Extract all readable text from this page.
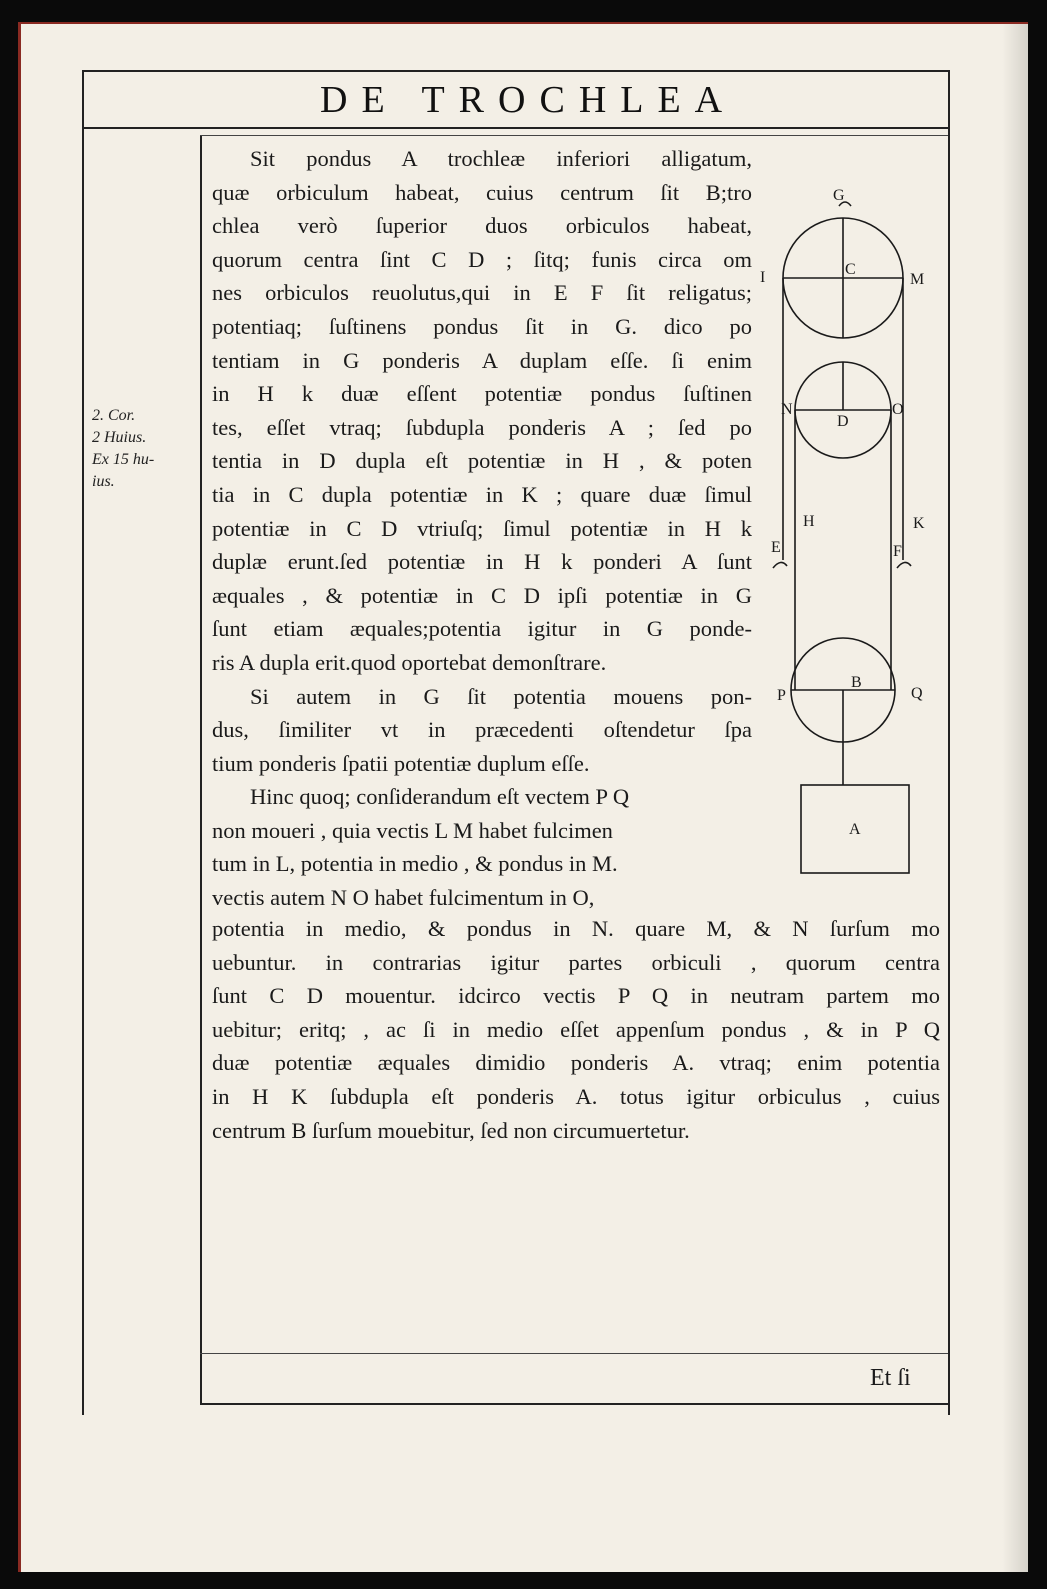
DE TROCHLEA
2. Cor.
2 Huius.
Ex 15 hu-
ius.
Sit pondus A trochleæ inferiori alligatum,
quæ orbiculum habeat, cuius centrum ſit B;tro
chlea verò ſuperior duos orbiculos habeat,
quorum centra ſint C D ; ſitq; funis circa om
nes orbiculos reuolutus,qui in E F ſit religatus;
potentiaq; ſuſtinens pondus ſit in G. dico po
tentiam in G ponderis A duplam eſſe. ſi enim
in H k duæ eſſent potentiæ pondus ſuſtinen
tes, eſſet vtraq; ſubdupla ponderis A ; ſed po
tentia in D dupla eſt potentiæ in H , & poten
tia in C dupla potentiæ in K ; quare duæ ſimul
potentiæ in C D vtriuſq; ſimul potentiæ in H k
duplæ erunt.ſed potentiæ in H k ponderi A ſunt
æquales , & potentiæ in C D ipſi potentiæ in G
ſunt etiam æquales;potentia igitur in G ponde-
ris A dupla erit.quod oportebat demonſtrare.
Si autem in G ſit potentia mouens pon-
dus, ſimiliter vt in præcedenti oſtendetur ſpa
tium ponderis ſpatii potentiæ duplum eſſe.
Hinc quoq; conſiderandum eſt vectem P Q
non moueri , quia vectis L M habet fulcimen
tum in L, potentia in medio , & pondus in M.
vectis autem N O habet fulcimentum in O,
potentia in medio, & pondus in N. quare M, & N ſurſum mo
uebuntur. in contrarias igitur partes orbiculi , quorum centra
ſunt C D mouentur. idcirco vectis P Q in neutram partem mo
uebitur; eritq; , ac ſi in medio eſſet appenſum pondus , & in P Q
duæ potentiæ æquales dimidio ponderis A. vtraq; enim potentia
in H K ſubdupla eſt ponderis A. totus igitur orbiculus , cuius
centrum B ſurſum mouebitur, ſed non circumuertetur.
G
C
I	M
N
D
O
H	K
E	F
P
B
Q
A
Et ſi
